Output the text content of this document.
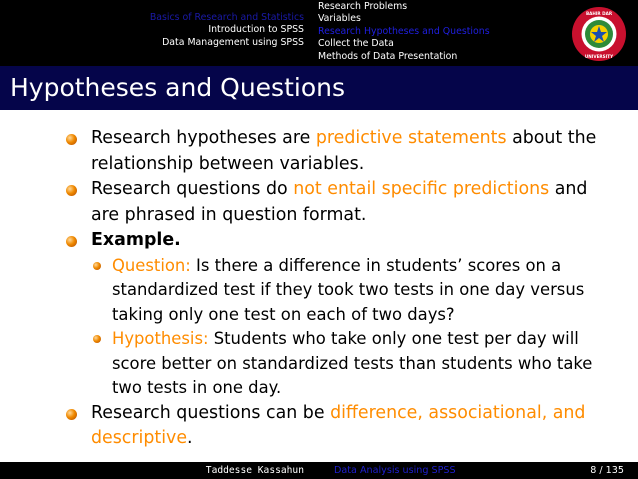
Basics of Research and Statistics
Introduction to SPSS
Data Management using SPSS
Research Problems
Variables
Research Hypotheses and Questions
Collect the Data
Methods of Data Presentation
BAHIR DAR
UNIVERSITY
Hypotheses and Questions
Research hypotheses are predictive statements about the relationship between variables.
Research questions do not entail specific predictions and are phrased in question format.
Example.
Question: Is there a difference in students’ scores on a standardized test if they took two tests in one day versus taking only one test on each of two days?
Hypothesis: Students who take only one test per day will score better on standardized tests than students who take two tests in one day.
Research questions can be difference, associational, and descriptive.
Taddesse Kassahun	Data Analysis using SPSS	8 / 135
